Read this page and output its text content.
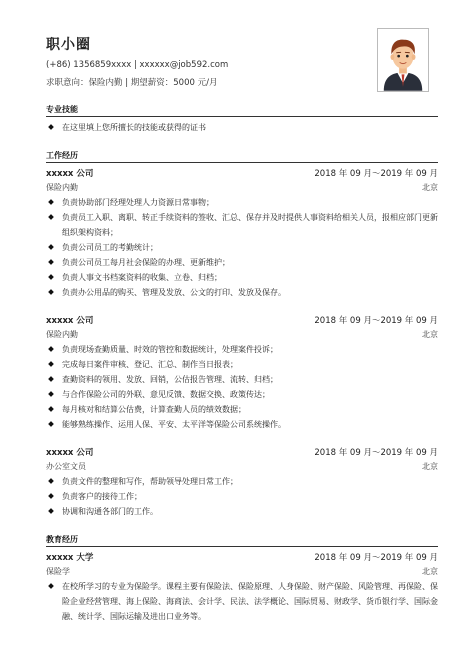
职小圈
(+86) 1356859xxxx | xxxxxx@job592.com
求职意向：保险内勤 | 期望薪资：5000 元/月
专业技能
在这里填上您所擅长的技能或获得的证书
工作经历
xxxxx 公司	2018 年 09 月～2019 年 09 月
保险内勤	北京
负责协助部门经理处理人力资源日常事物；
负责员工入职、离职、转正手续资料的签收、汇总、保存并及时提供人事资料给相关人员，报相应部门更新组织架构资料；
负责公司员工的考勤统计；
负责公司员工每月社会保险的办理、更新维护；
负责人事文书档案资料的收集、立卷、归档；
负责办公用品的购买、管理及发放、公文的打印、发放及保存。
xxxxx 公司	2018 年 09 月～2019 年 09 月
保险内勤	北京
负责现场查勤质量、时效的管控和数据统计，处理案件投诉；
完成每日案件审核、登记、汇总、制作当日报表；
查勤资料的领用、发放、回销，公估报告管理、流转、归档；
与合作保险公司的外联、意见反馈、数据交换、政策传达；
每月核对和结算公估费，计算查勤人员的绩效数据；
能够熟练操作、运用人保、平安、太平洋等保险公司系统操作。
xxxxx 公司	2018 年 09 月～2019 年 09 月
办公室文员	北京
负责文件的整理和写作，帮助领导处理日常工作；
负责客户的接待工作；
协调和沟通各部门的工作。
教育经历
xxxxx 大学	2018 年 09 月～2019 年 09 月
保险学	北京
在校所学习的专业为保险学。课程主要有保险法、保险原理、人身保险、财产保险、风险管理、再保险、保险企业经营管理、海上保险、海商法、会计学、民法、法学概论、国际贸易、财政学、货币银行学、国际金融、统计学、国际运输及进出口业务等。
